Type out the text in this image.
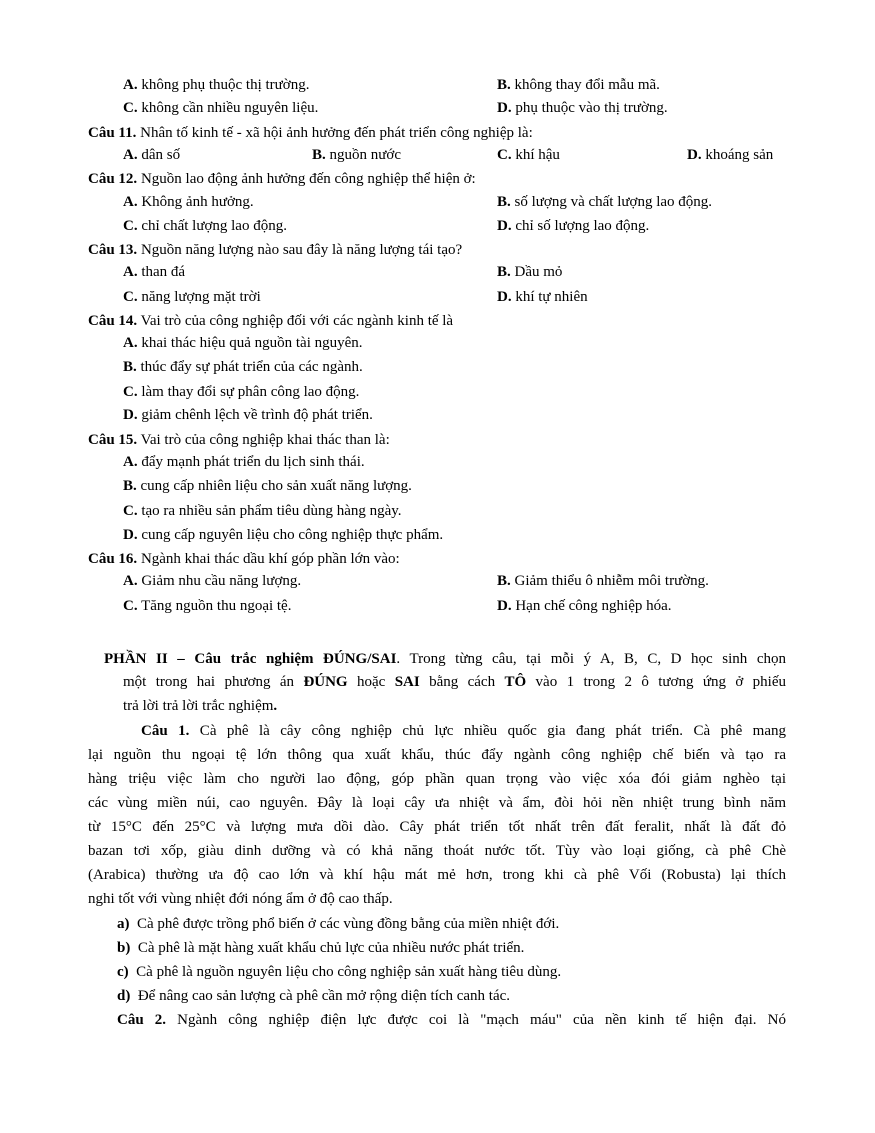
A. không phụ thuộc thị trường.	B. không thay đổi mẫu mã.
C. không cần nhiều nguyên liệu.	D. phụ thuộc vào thị trường.
Câu 11. Nhân tố kinh tế - xã hội ảnh hưởng đến phát triển công nghiệp là:
A. dân số	B. nguồn nước	C. khí hậu	D. khoáng sản
Câu 12. Nguồn lao động ảnh hưởng đến công nghiệp thể hiện ở:
A. Không ảnh hưởng.	B. số lượng và chất lượng lao động.
C. chỉ chất lượng lao động.	D. chỉ số lượng lao động.
Câu 13. Nguồn năng lượng nào sau đây là năng lượng tái tạo?
A. than đá	B. Dầu mỏ
C. năng lượng mặt trời	D. khí tự nhiên
Câu 14. Vai trò của công nghiệp đối với các ngành kinh tế là
A. khai thác hiệu quả nguồn tài nguyên.
B. thúc đẩy sự phát triển của các ngành.
C. làm thay đổi sự phân công lao động.
D. giảm chênh lệch về trình độ phát triển.
Câu 15. Vai trò của công nghiệp khai thác than là:
A. đẩy mạnh phát triển du lịch sinh thái.
B. cung cấp nhiên liệu cho sản xuất năng lượng.
C. tạo ra nhiều sản phẩm tiêu dùng hàng ngày.
D. cung cấp nguyên liệu cho công nghiệp thực phẩm.
Câu 16. Ngành khai thác dầu khí góp phần lớn vào:
A. Giảm nhu cầu năng lượng.	B. Giảm thiểu ô nhiễm môi trường.
C. Tăng nguồn thu ngoại tệ.	D. Hạn chế công nghiệp hóa.
PHẦN II – Câu trắc nghiệm ĐÚNG/SAI. Trong từng câu, tại mỗi ý A, B, C, D học sinh chọn
một trong hai phương án ĐÚNG hoặc SAI bằng cách TÔ vào 1 trong 2 ô tương ứng ở phiếu
trả lời trả lời trắc nghiệm.
Câu 1. Cà phê là cây công nghiệp chủ lực nhiều quốc gia đang phát triển. Cà phê mang
lại nguồn thu ngoại tệ lớn thông qua xuất khẩu, thúc đẩy ngành công nghiệp chế biến và tạo ra
hàng triệu việc làm cho người lao động, góp phần quan trọng vào việc xóa đói giảm nghèo tại
các vùng miền núi, cao nguyên. Đây là loại cây ưa nhiệt và ẩm, đòi hỏi nền nhiệt trung bình năm
từ 15°C đến 25°C và lượng mưa dồi dào. Cây phát triển tốt nhất trên đất feralit, nhất là đất đỏ
bazan tơi xốp, giàu dinh dưỡng và có khả năng thoát nước tốt. Tùy vào loại giống, cà phê Chè
(Arabica) thường ưa độ cao lớn và khí hậu mát mẻ hơn, trong khi cà phê Vối (Robusta) lại thích
nghi tốt với vùng nhiệt đới nóng ẩm ở độ cao thấp.
a) Cà phê được trồng phổ biến ở các vùng đồng bằng của miền nhiệt đới.
b) Cà phê là mặt hàng xuất khẩu chủ lực của nhiều nước phát triển.
c) Cà phê là nguồn nguyên liệu cho công nghiệp sản xuất hàng tiêu dùng.
d) Để nâng cao sản lượng cà phê cần mở rộng diện tích canh tác.
Câu 2. Ngành công nghiệp điện lực được coi là "mạch máu" của nền kinh tế hiện đại. Nó
